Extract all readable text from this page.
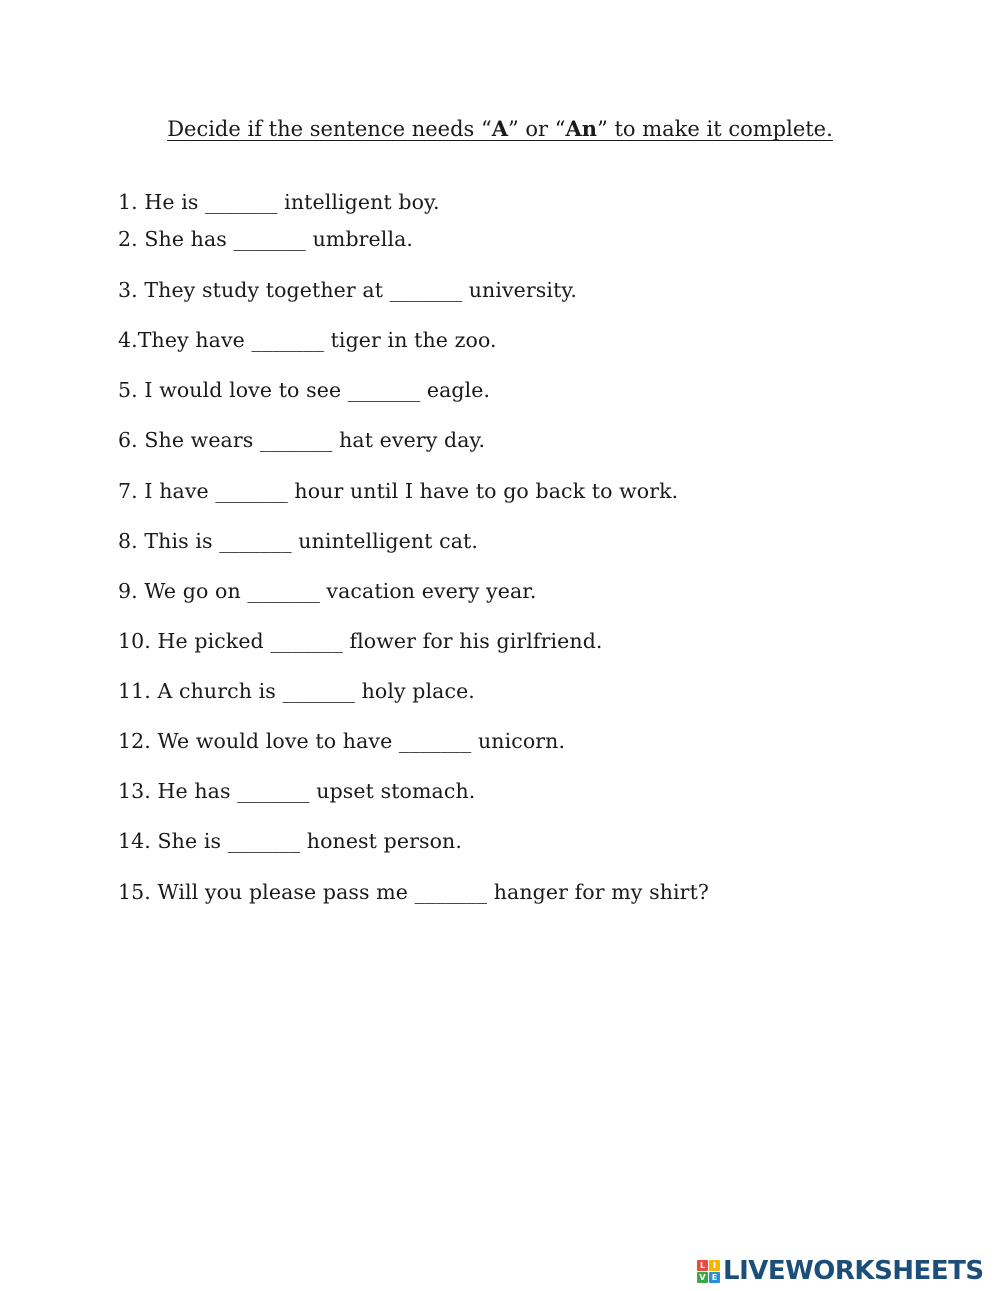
Decide if the sentence needs “A” or “An” to make it complete.
1. He is _______ intelligent boy.
2. She has _______ umbrella.
3. They study together at _______ university.
4.They have _______ tiger in the zoo.
5. I would love to see _______ eagle.
6. She wears _______ hat every day.
7. I have _______ hour until I have to go back to work.
8. This is _______ unintelligent cat.
9. We go on _______ vacation every year.
10. He picked _______ flower for his girlfriend.
11. A church is _______ holy place.
12. We would love to have _______ unicorn.
13. He has _______ upset stomach.
14. She is _______ honest person.
15. Will you please pass me _______ hanger for my shirt?
L I
V E LIVEWORKSHEETS
